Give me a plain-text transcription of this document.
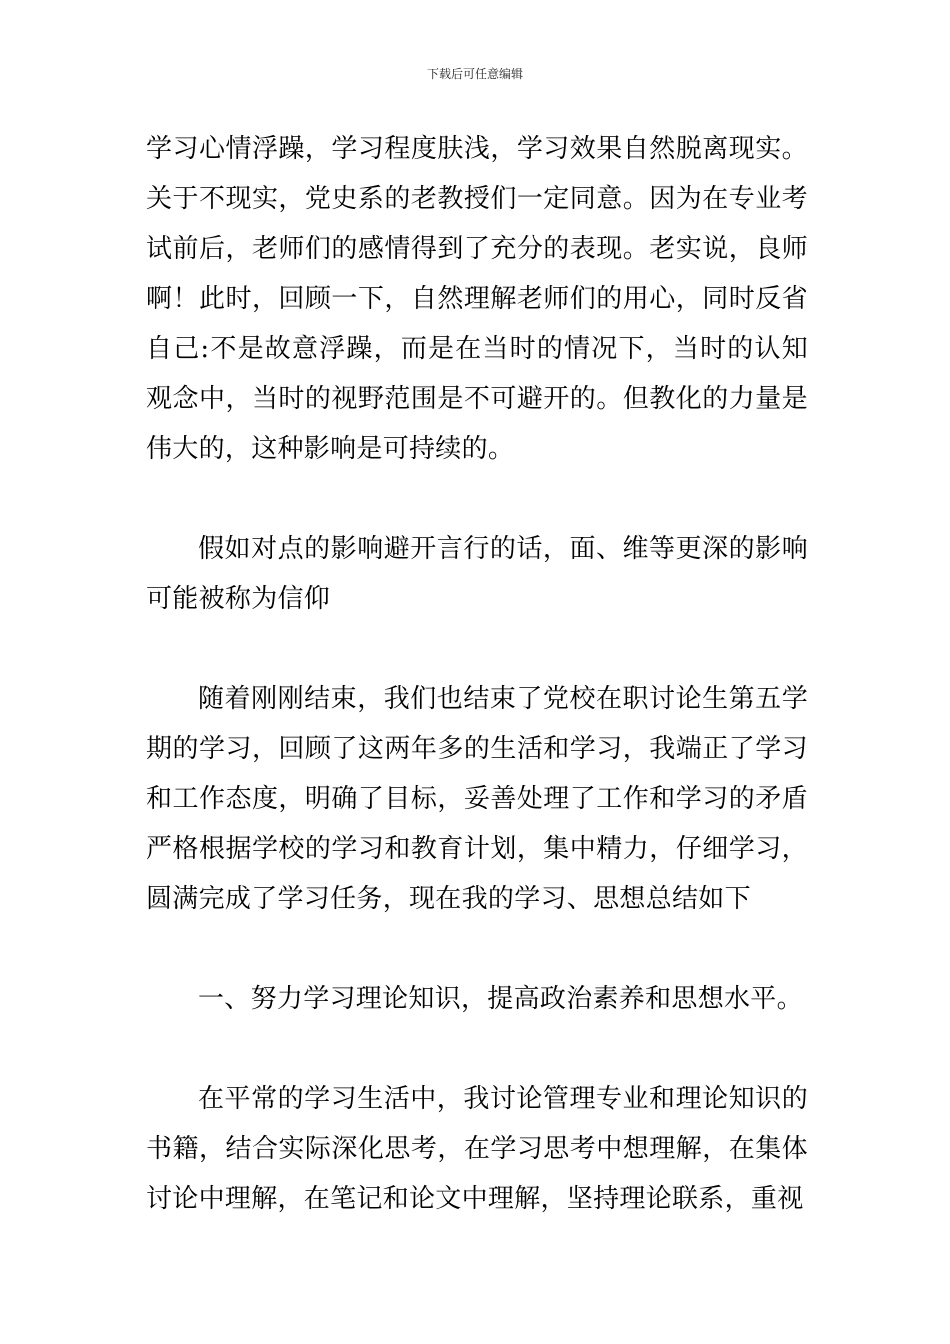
下载后可任意编辑

学习心情浮躁，学习程度肤浅，学习效果自然脱离现实。关于不现实，党史系的老教授们一定同意。因为在专业考试前后，老师们的感情得到了充分的表现。老实说，良师啊！此时，回顾一下，自然理解老师们的用心，同时反省自己:不是故意浮躁，而是在当时的情况下，当时的认知观念中，当时的视野范围是不可避开的。但教化的力量是伟大的，这种影响是可持续的。

假如对点的影响避开言行的话，面、维等更深的影响可能被称为信仰

随着刚刚结束，我们也结束了党校在职讨论生第五学期的学习，回顾了这两年多的生活和学习，我端正了学习和工作态度，明确了目标，妥善处理了工作和学习的矛盾严格根据学校的学习和教育计划，集中精力，仔细学习，圆满完成了学习任务，现在我的学习、思想总结如下

一、努力学习理论知识，提高政治素养和思想水平。

在平常的学习生活中，我讨论管理专业和理论知识的书籍，结合实际深化思考，在学习思考中想理解，在集体讨论中理解，在笔记和论文中理解，坚持理论联系，重视
